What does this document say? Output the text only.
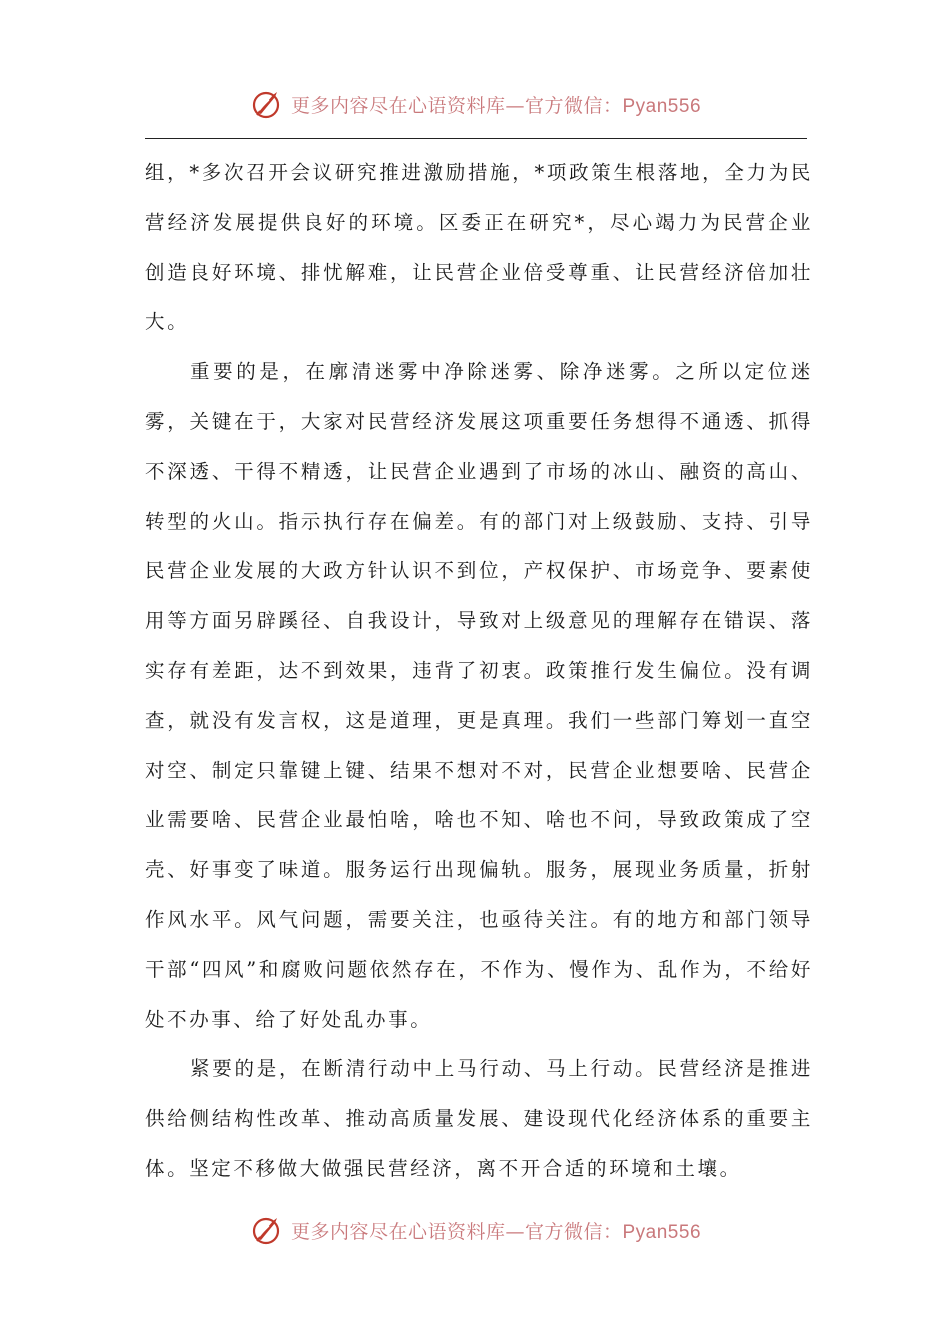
更多内容尽在心语资料库—官方微信：Pyan556

组，*多次召开会议研究推进激励措施，*项政策生根落地，全力为民营经济发展提供良好的环境。区委正在研究*，尽心竭力为民营企业创造良好环境、排忧解难，让民营企业倍受尊重、让民营经济倍加壮大。

重要的是，在廓清迷雾中净除迷雾、除净迷雾。之所以定位迷雾，关键在于，大家对民营经济发展这项重要任务想得不通透、抓得不深透、干得不精透，让民营企业遇到了市场的冰山、融资的高山、转型的火山。指示执行存在偏差。有的部门对上级鼓励、支持、引导民营企业发展的大政方针认识不到位，产权保护、市场竞争、要素使用等方面另辟蹊径、自我设计，导致对上级意见的理解存在错误、落实存有差距，达不到效果，违背了初衷。政策推行发生偏位。没有调查，就没有发言权，这是道理，更是真理。我们一些部门筹划一直空对空、制定只靠键上键、结果不想对不对，民营企业想要啥、民营企业需要啥、民营企业最怕啥，啥也不知、啥也不问，导致政策成了空壳、好事变了味道。服务运行出现偏轨。服务，展现业务质量，折射作风水平。风气问题，需要关注，也亟待关注。有的地方和部门领导干部“四风”和腐败问题依然存在，不作为、慢作为、乱作为，不给好处不办事、给了好处乱办事。

紧要的是，在断清行动中上马行动、马上行动。民营经济是推进供给侧结构性改革、推动高质量发展、建设现代化经济体系的重要主体。坚定不移做大做强民营经济，离不开合适的环境和土壤。

更多内容尽在心语资料库—官方微信：Pyan556
